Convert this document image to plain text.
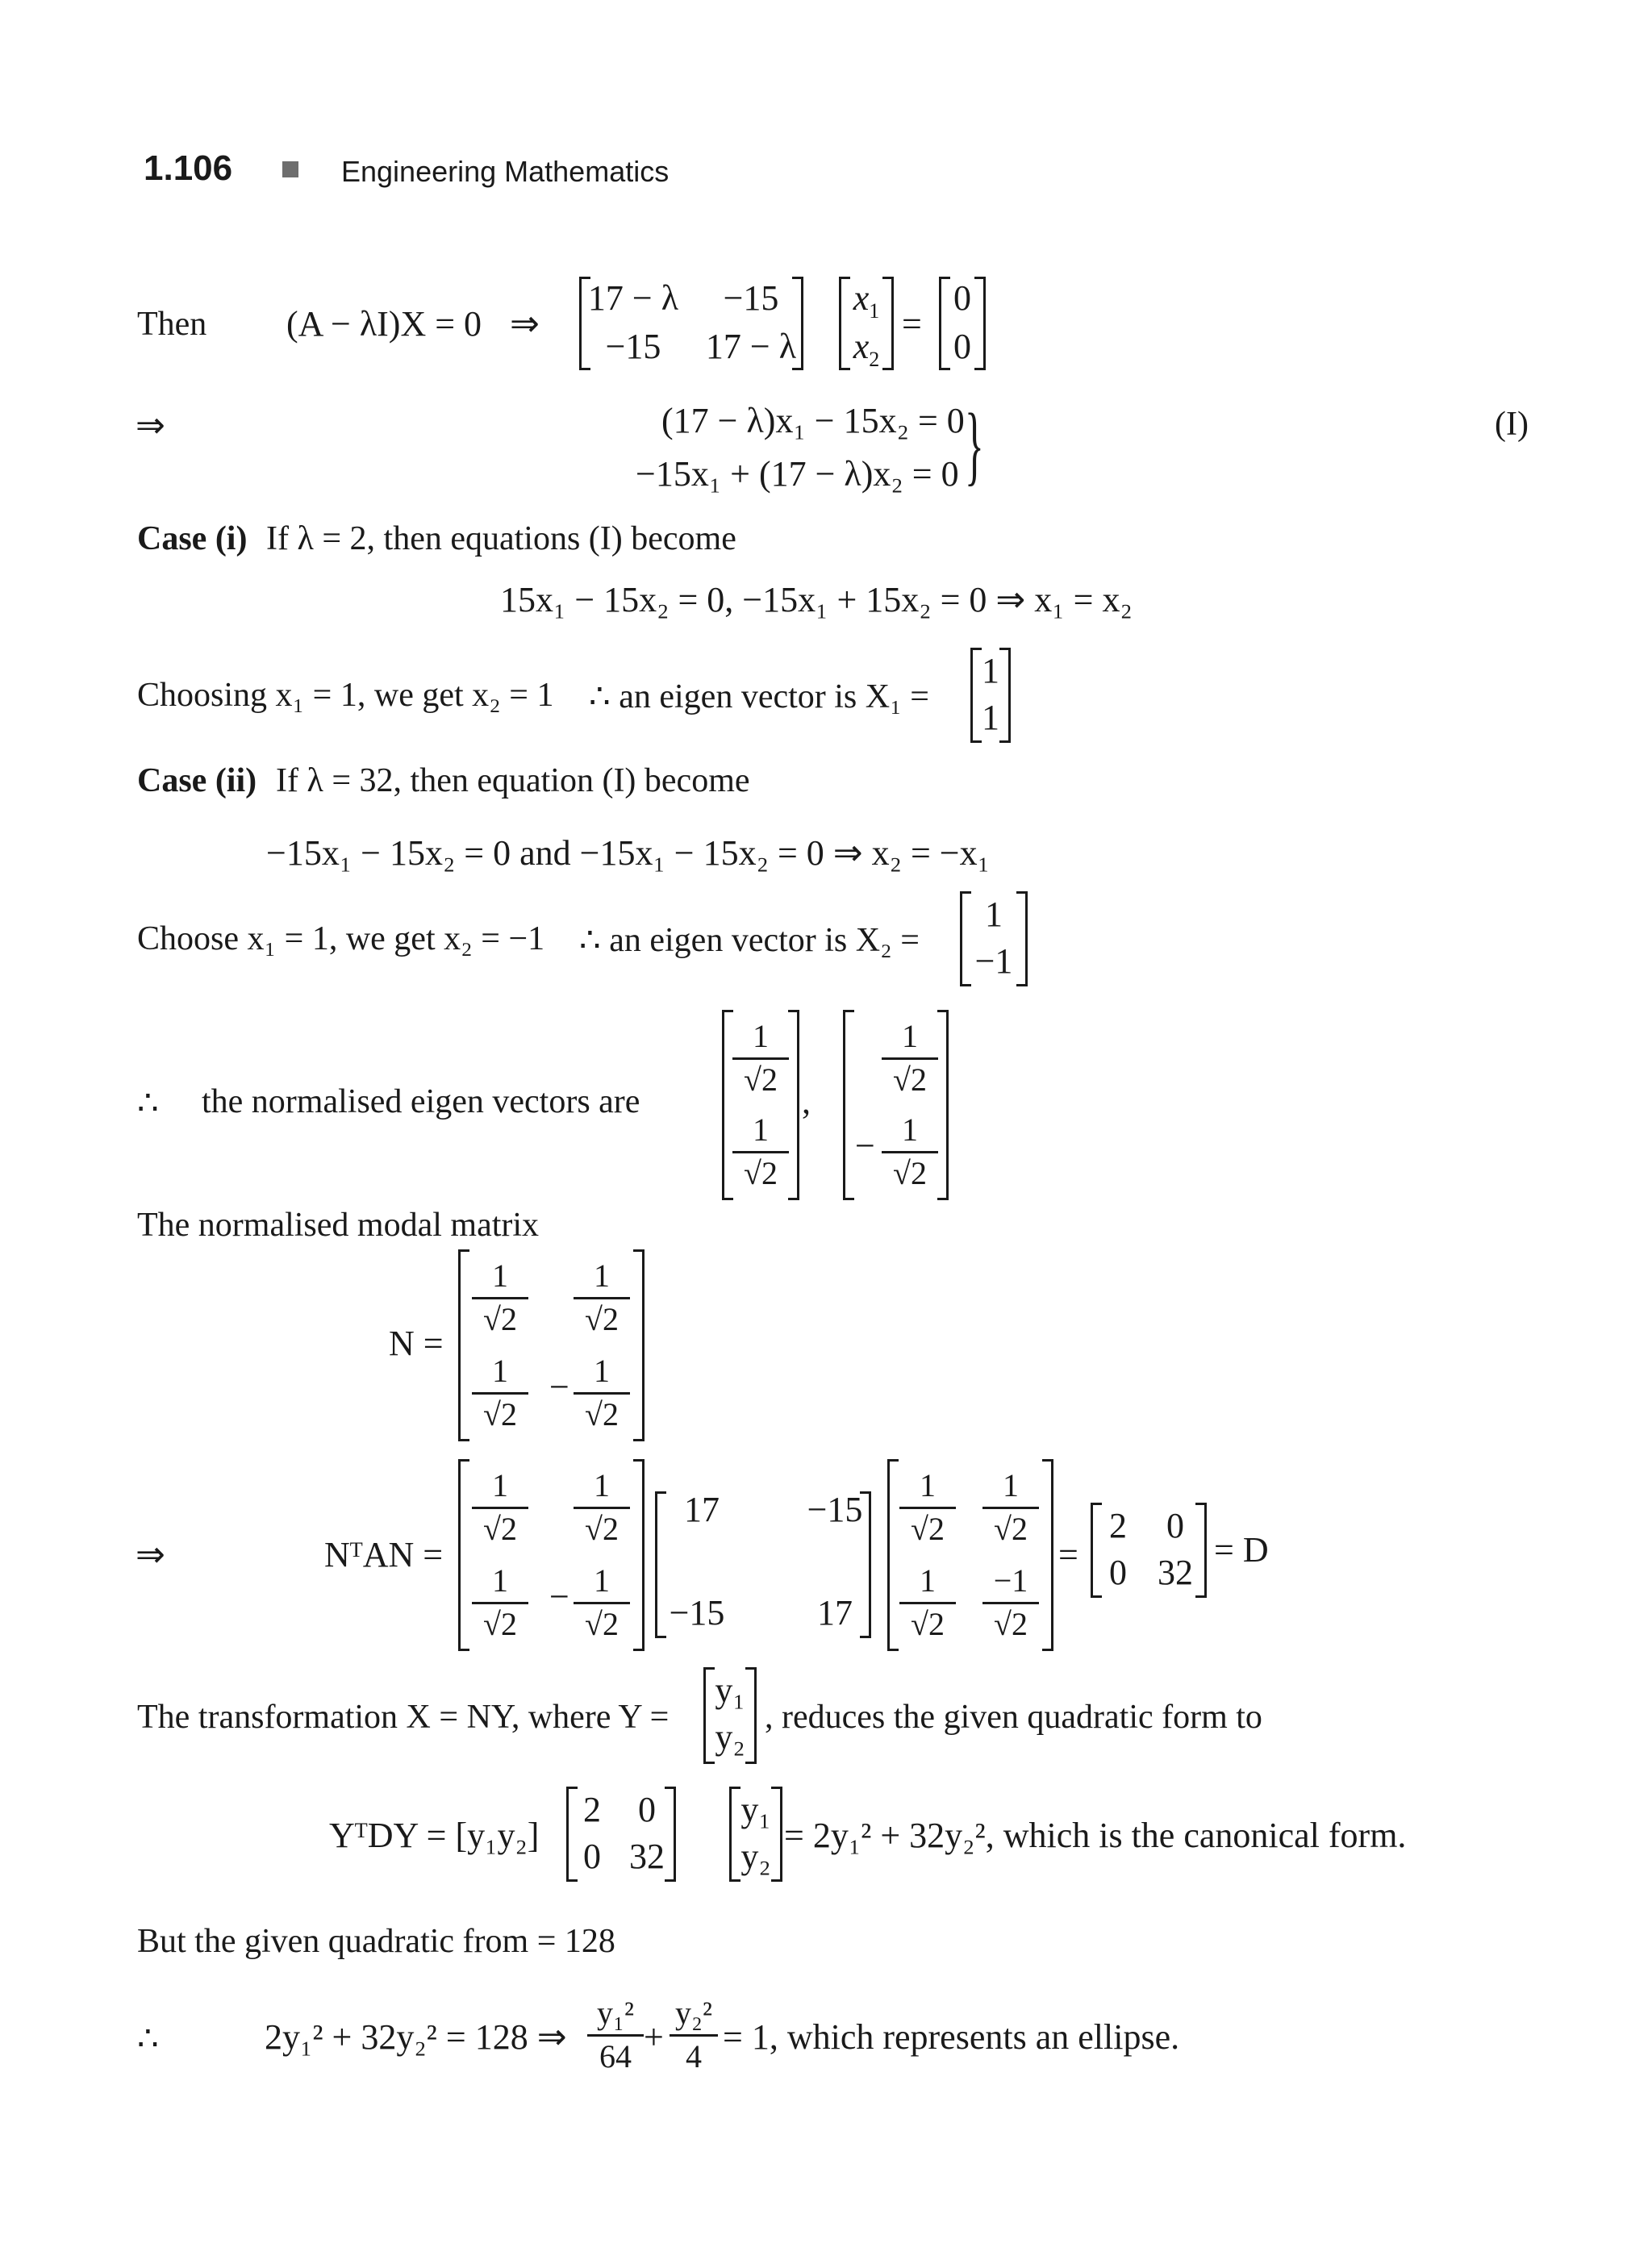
1.106	Engineering Mathematics
Then (A − λI)X = 0 ⇒
17 − λ	−15
−15	17 − λ
$x_1$
$x_2$
=
0
0
⇒	(17 − λ)x₁ − 15x₂ = 0
−15x₁ + (17 − λ)x₂ = 0 }	(I)
Case (i) If λ = 2, then equations (I) become
15x₁ − 15x₂ = 0, −15x₁ + 15x₂ = 0 ⇒ x₁ = x₂
Choosing x₁ = 1, we get x₂ = 1 ∴ an eigen vector is X₁ =
1
1
Case (ii) If λ = 32, then equation (I) become
−15x₁ − 15x₂ = 0 and −15x₁ − 15x₂ = 0 ⇒ x₂ = −x₁
Choose x₁ = 1, we get x₂ = −1 ∴ an eigen vector is X₂ =
1
−1
∴ the normalised eigen vectors are
$\frac{1}{√2}$
$\frac{1}{√2}$
,
$\frac{1}{√2}$
− $\frac{1}{√2}$
The normalised modal matrix
N =
$\frac{1}{√2} \frac{1}{√2}$
$\frac{1}{√2} - \frac{1}{√2}$
⇒	NᵀAN =
$\frac{1}{√2} \frac{1}{√2}$
$\frac{1}{√2} - \frac{1}{√2}$
17 −15
−15	17
$\frac{1}{√2} \frac{1}{√2}$
$\frac{1}{√2} \frac{-1}{√2}$
=
2	0
0 32
= D
The transformation X = NY, where Y =
y₁
y₂ , reduces the given quadratic form to
YᵀDY = [y₁y₂]
2	0
0 32
y₁
y₂
= 2y₁² + 32y₂², which is the canonical form.
But the given quadratic from = 128
∴	2y₁² + 32y₂² = 128 ⇒ $\frac{\text{y₁²}}{64} + \frac{\text{y₂²}}{4} = 1$, which represents an ellipse.
